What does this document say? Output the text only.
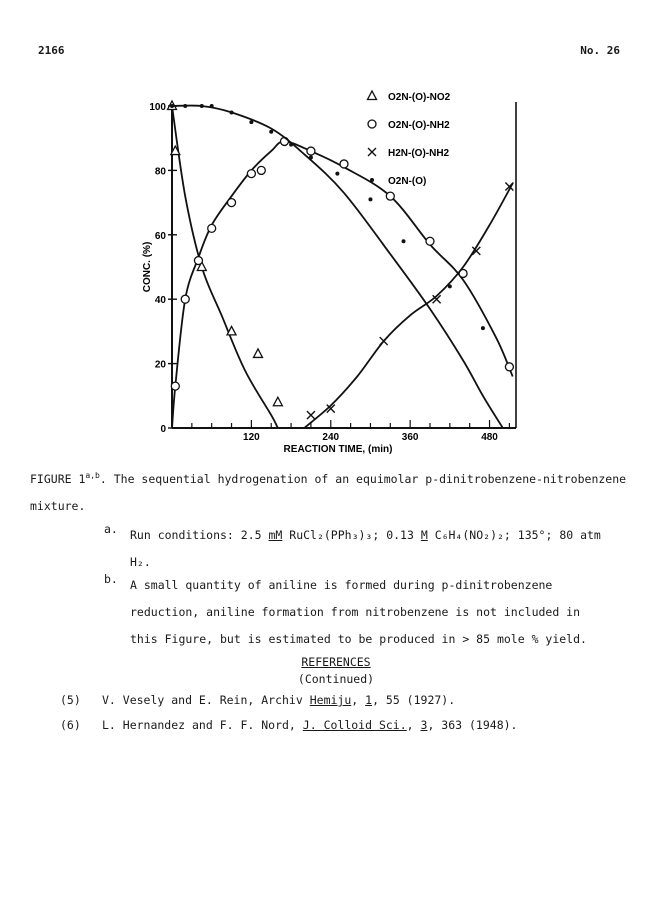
2166	No. 26
0
20
40
60
80
100
120	240	360	480
REACTION TIME, (min)
CONC. (%)
O2N-(O)-NO2
O2N-(O)-NH2
H2N-(O)-NH2
O2N-(O)
FIGURE 1$^{a,b}$. The sequential hydrogenation of an equimolar p-dinitrobenzene-nitrobenzene mixture.
a. Run conditions: 2.5 mM RuCl₂(PPh₃)₃; 0.13 M C₆H₄(NO₂)₂; 135°; 80 atm H₂.
b. A small quantity of aniline is formed during p-dinitrobenzene reduction, aniline formation from nitrobenzene is not included in this Figure, but is estimated to be produced in > 85 mole % yield.
REFERENCES
(Continued)
(5) V. Vesely and E. Rein, Archiv Hemiju, 1, 55 (1927).
(6) L. Hernandez and F. F. Nord, J. Colloid Sci., 3, 363 (1948).
